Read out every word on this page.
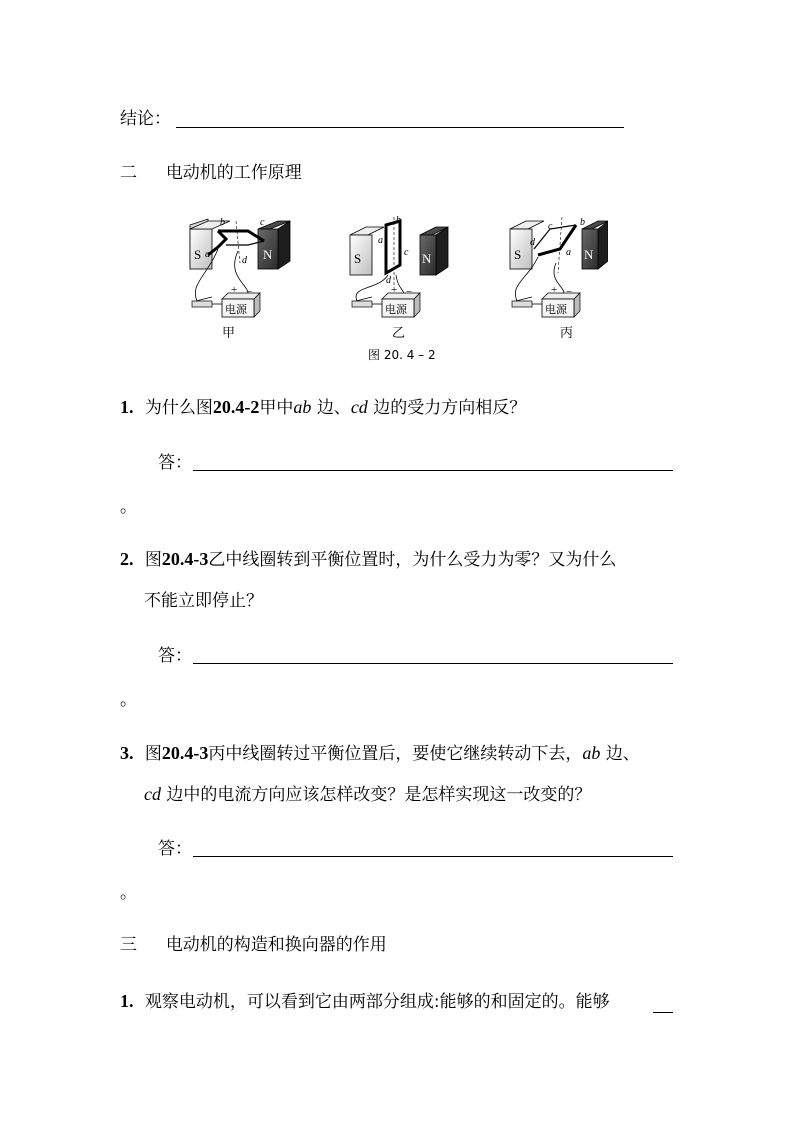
结论：
二 电动机的工作原理
S	N
b	c
a
d
电源
+ −
甲
S	N
a
b
c
d
电源
+ −
乙
S	N
c	b
a
d
电源
+ −
丙
图 20. 4 – 2
1. 为什么图20.4-2甲中ab 边、cd 边的受力方向相反？
答：
。
2. 图20.4-3乙中线圈转到平衡位置时，为什么受力为零？又为什么
不能立即停止？
答：
。
3. 图20.4-3丙中线圈转过平衡位置后，要使它继续转动下去，ab 边、
cd 边中的电流方向应该怎样改变？是怎样实现这一改变的？
答：
。
三 电动机的构造和换向器的作用
1. 观察电动机，可以看到它由两部分组成:能够的和固定的。能够
